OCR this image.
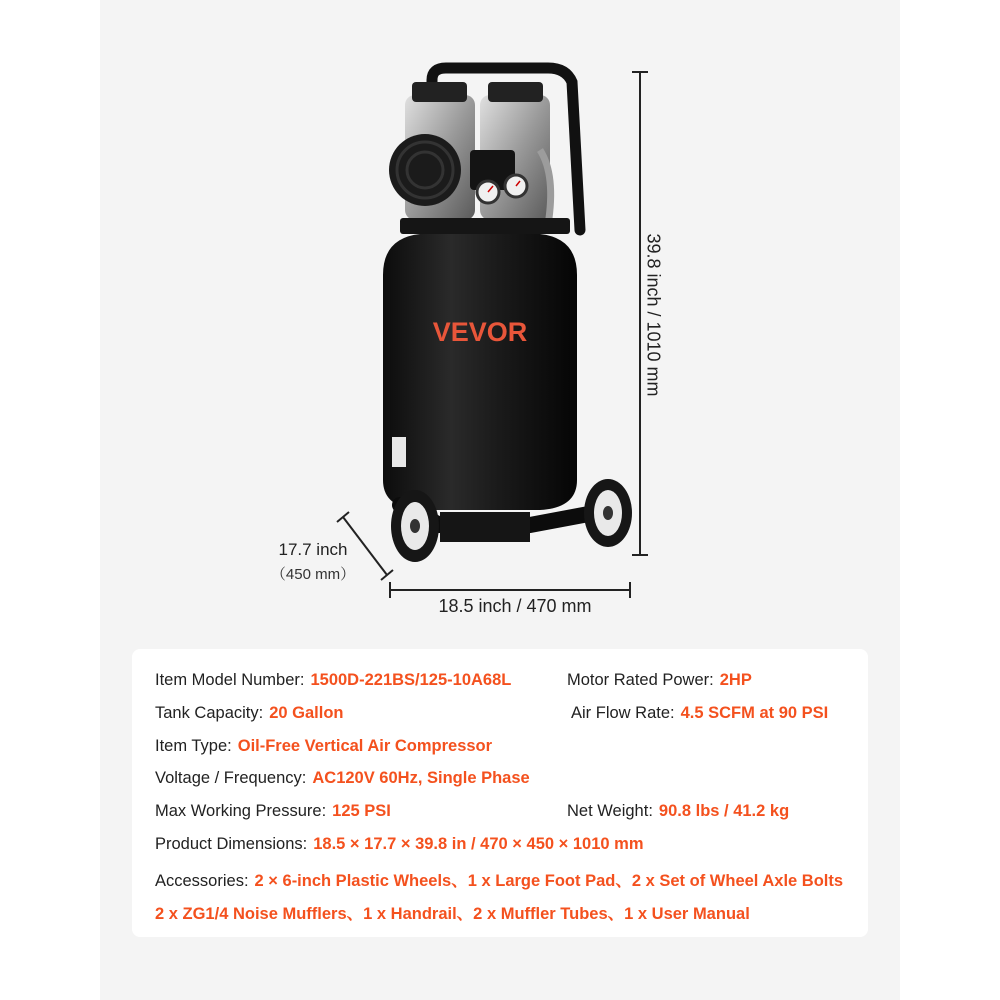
VEVOR	39.8 inch / 1010 mm
18.5 inch / 470 mm
17.7 inch
（450 mm）
Item Model Number: 1500D-221BS/125-10A68L	Motor Rated Power: 2HP
Tank Capacity: 20 Gallon	Air Flow Rate: 4.5 SCFM at 90 PSI
Item Type: Oil-Free Vertical Air Compressor
Voltage / Frequency: AC120V 60Hz, Single Phase
Max Working Pressure: 125 PSI	Net Weight: 90.8 lbs / 41.2 kg
Product Dimensions: 18.5 × 17.7 × 39.8 in / 470 × 450 × 1010 mm
Accessories: 2 × 6-inch Plastic Wheels、1 x Large Foot Pad、2 x Set of Wheel Axle Bolts
2 x ZG1/4 Noise Mufflers、1 x Handrail、2 x Muffler Tubes、1 x User Manual
